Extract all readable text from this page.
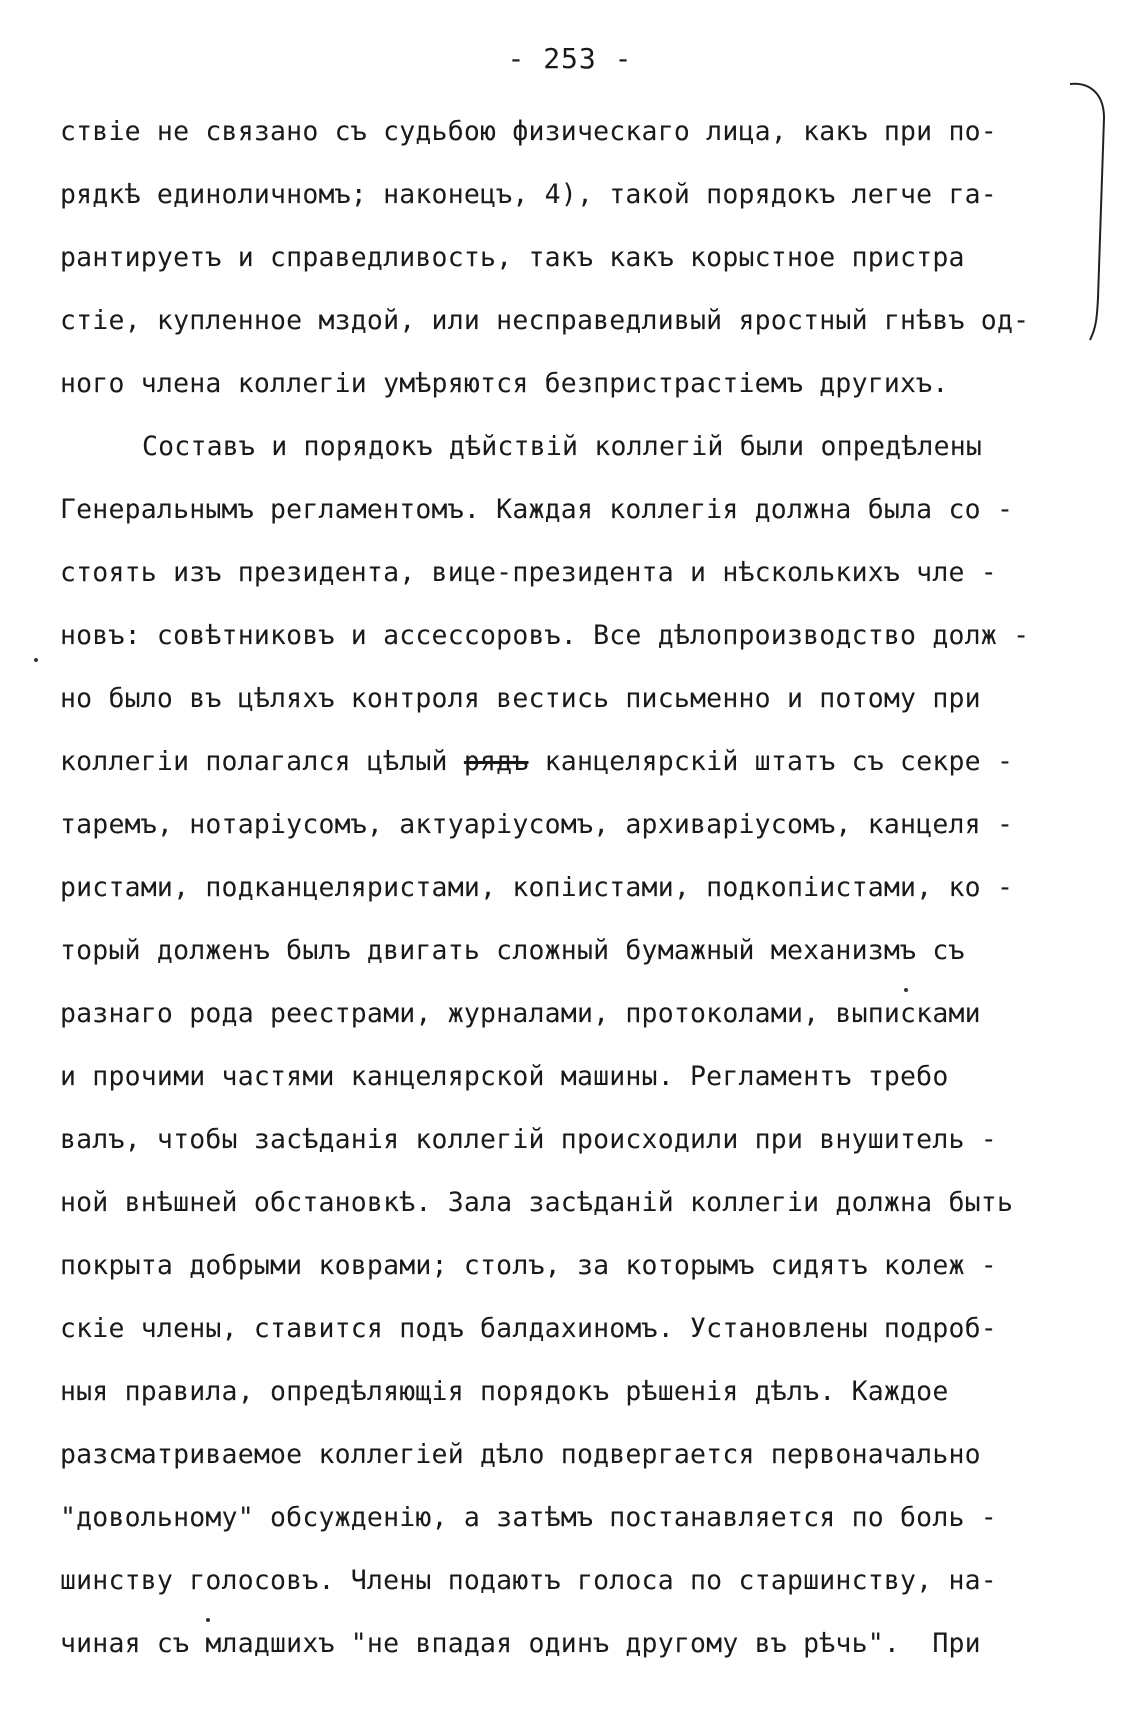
- 253 -
ствіе не связано съ судьбою физическаго лица, какъ при по-
рядкѣ единоличномъ; наконецъ, 4), такой порядокъ легче га-
рантируетъ и справедливость, такъ какъ корыстное пристра
стіе, купленное мздой, или несправедливый яростный гнѣвъ од-
ного члена коллегіи умѣряются безпристрастіемъ другихъ.
Составъ и порядокъ дѣйствій коллегій были опредѣлены
Генеральнымъ регламентомъ. Каждая коллегія должна была со -
стоять изъ президента, вице-президента и нѣсколькихъ чле -
новъ: совѣтниковъ и ассессоровъ. Все дѣлопроизводство долж -
но было въ цѣляхъ контроля вестись письменно и потому при
коллегіи полагался цѣлый рядъ канцелярскій штатъ съ секре -
таремъ, нотаріусомъ, актуаріусомъ, архиваріусомъ, канцеля -
ристами, подканцеляристами, копіистами, подкопіистами, ко -
торый долженъ былъ двигать сложный бумажный механизмъ съ
разнаго рода реестрами, журналами, протоколами, выписками
и прочими частями канцелярской машины. Регламентъ требо
валъ, чтобы засѣданія коллегій происходили при внушитель -
ной внѣшней обстановкѣ. Зала засѣданій коллегіи должна быть
покрыта добрыми коврами; столъ, за которымъ сидятъ колеж -
скіе члены, ставится подъ балдахиномъ. Установлены подроб-
ныя правила, опредѣляющія порядокъ рѣшенія дѣлъ. Каждое
разсматриваемое коллегіей дѣло подвергается первоначально
"довольному" обсужденію, а затѣмъ постанавляется по боль -
шинству голосовъ. Члены подаютъ голоса по старшинству, на-
чиная съ младшихъ "не впадая одинъ другому въ рѣчь".  При
